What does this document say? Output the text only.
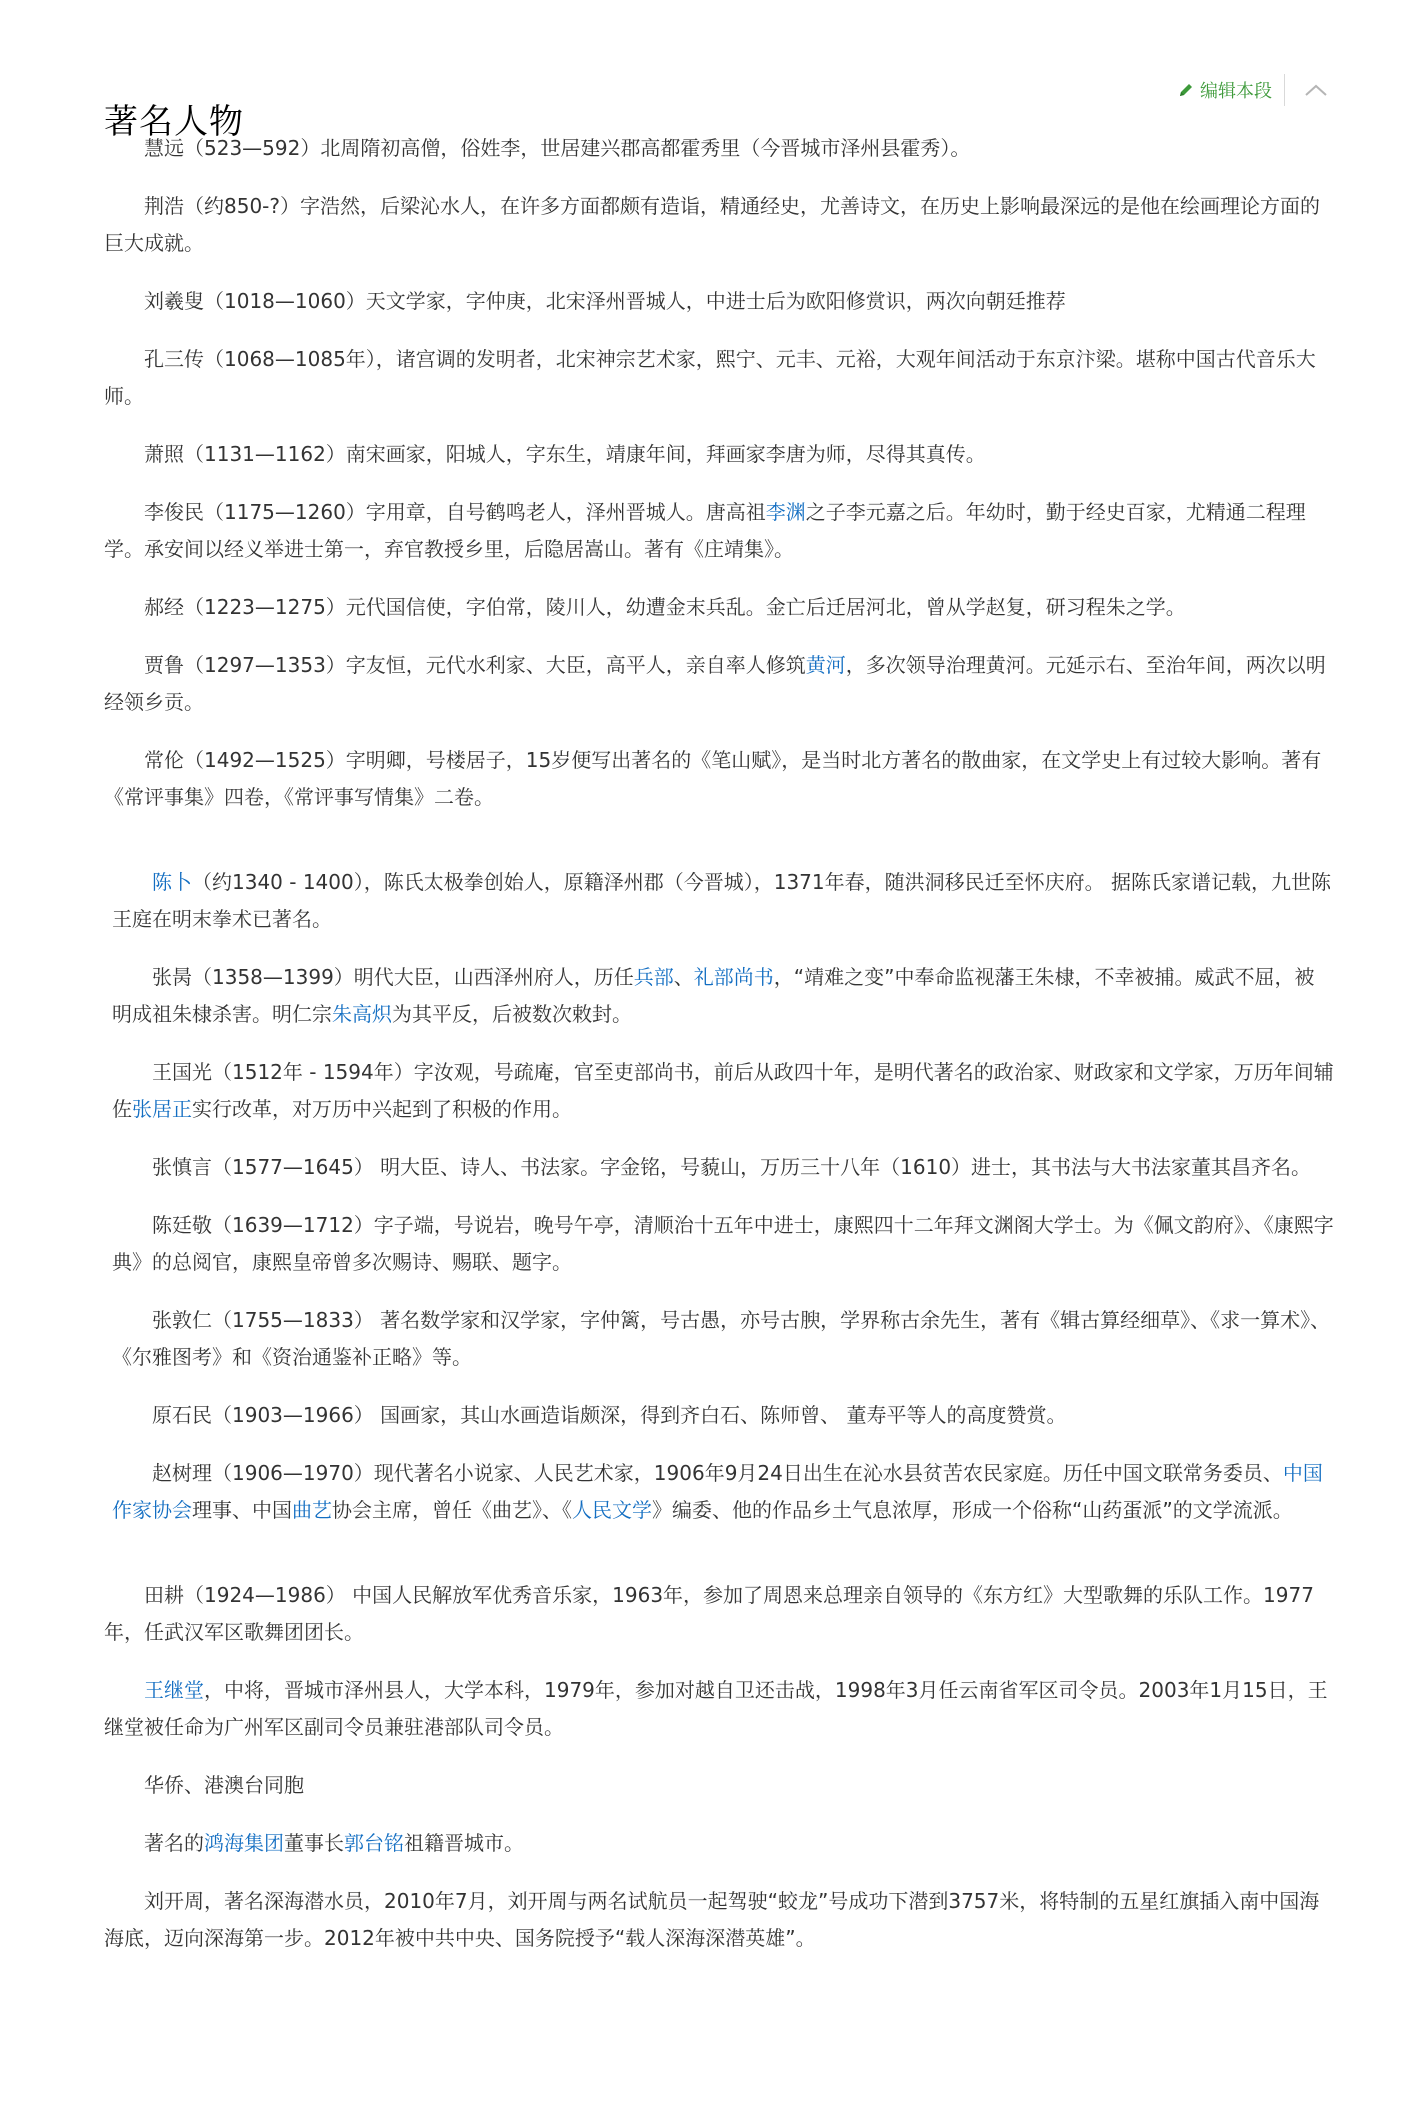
著名人物
编辑本段

慧远（523—592）北周隋初高僧，俗姓李，世居建兴郡高都霍秀里（今晋城市泽州县霍秀）。

荆浩（约850-?）字浩然，后梁沁水人，在许多方面都颇有造诣，精通经史，尤善诗文，在历史上影响最深远的是他在绘画理论方面的巨大成就。

刘羲叟（1018—1060）天文学家，字仲庚，北宋泽州晋城人，中进士后为欧阳修赏识，两次向朝廷推荐

孔三传（1068—1085年），诸宫调的发明者，北宋神宗艺术家，熙宁、元丰、元裕，大观年间活动于东京汴梁。堪称中国古代音乐大师。

萧照（1131—1162）南宋画家，阳城人，字东生，靖康年间，拜画家李唐为师，尽得其真传。

李俊民（1175—1260）字用章，自号鹤鸣老人，泽州晋城人。唐高祖李渊之子李元嘉之后。年幼时，勤于经史百家，尤精通二程理学。承安间以经义举进士第一，弃官教授乡里，后隐居嵩山。著有《庄靖集》。

郝经（1223—1275）元代国信使，字伯常，陵川人，幼遭金末兵乱。金亡后迁居河北，曾从学赵复，研习程朱之学。

贾鲁（1297—1353）字友恒，元代水利家、大臣，高平人，亲自率人修筑黄河，多次领导治理黄河。元延示右、至治年间，两次以明经领乡贡。

常伦（1492—1525）字明卿，号楼居子，15岁便写出著名的《笔山赋》，是当时北方著名的散曲家，在文学史上有过较大影响。著有《常评事集》四卷，《常评事写情集》二卷。

陈卜（约1340 - 1400），陈氏太极拳创始人，原籍泽州郡（今晋城），1371年春，随洪洞移民迁至怀庆府。 据陈氏家谱记载，九世陈王庭在明末拳术已著名。

张昺（1358—1399）明代大臣，山西泽州府人，历任兵部、礼部尚书，“靖难之变”中奉命监视藩王朱棣，不幸被捕。威武不屈，被明成祖朱棣杀害。明仁宗朱高炽为其平反，后被数次敕封。

王国光（1512年 - 1594年）字汝观，号疏庵，官至吏部尚书，前后从政四十年，是明代著名的政治家、财政家和文学家，万历年间辅佐张居正实行改革，对万历中兴起到了积极的作用。

张慎言（1577—1645） 明大臣、诗人、书法家。字金铭，号藐山，万历三十八年（1610）进士，其书法与大书法家董其昌齐名。

陈廷敬（1639—1712）字子端，号说岩，晚号午亭，清顺治十五年中进士，康熙四十二年拜文渊阁大学士。为《佩文韵府》、《康熙字典》的总阅官，康熙皇帝曾多次赐诗、赐联、题字。

张敦仁（1755—1833） 著名数学家和汉学家，字仲篱，号古愚，亦号古腴，学界称古余先生，著有《辑古算经细草》、《求一算术》、《尔雅图考》和《资治通鉴补正略》等。

原石民（1903—1966） 国画家，其山水画造诣颇深，得到齐白石、陈师曾、 董寿平等人的高度赞赏。

赵树理（1906—1970）现代著名小说家、人民艺术家，1906年9月24日出生在沁水县贫苦农民家庭。历任中国文联常务委员、中国作家协会理事、中国曲艺协会主席，曾任《曲艺》、《人民文学》编委、他的作品乡土气息浓厚，形成一个俗称“山药蛋派”的文学流派。

田耕（1924—1986） 中国人民解放军优秀音乐家，1963年，参加了周恩来总理亲自领导的《东方红》大型歌舞的乐队工作。1977年，任武汉军区歌舞团团长。

王继堂，中将，晋城市泽州县人，大学本科，1979年，参加对越自卫还击战，1998年3月任云南省军区司令员。2003年1月15日，王继堂被任命为广州军区副司令员兼驻港部队司令员。

华侨、港澳台同胞

著名的鸿海集团董事长郭台铭祖籍晋城市。

刘开周，著名深海潜水员，2010年7月，刘开周与两名试航员一起驾驶“蛟龙”号成功下潜到3757米，将特制的五星红旗插入南中国海海底，迈向深海第一步。2012年被中共中央、国务院授予“载人深海深潜英雄”。
